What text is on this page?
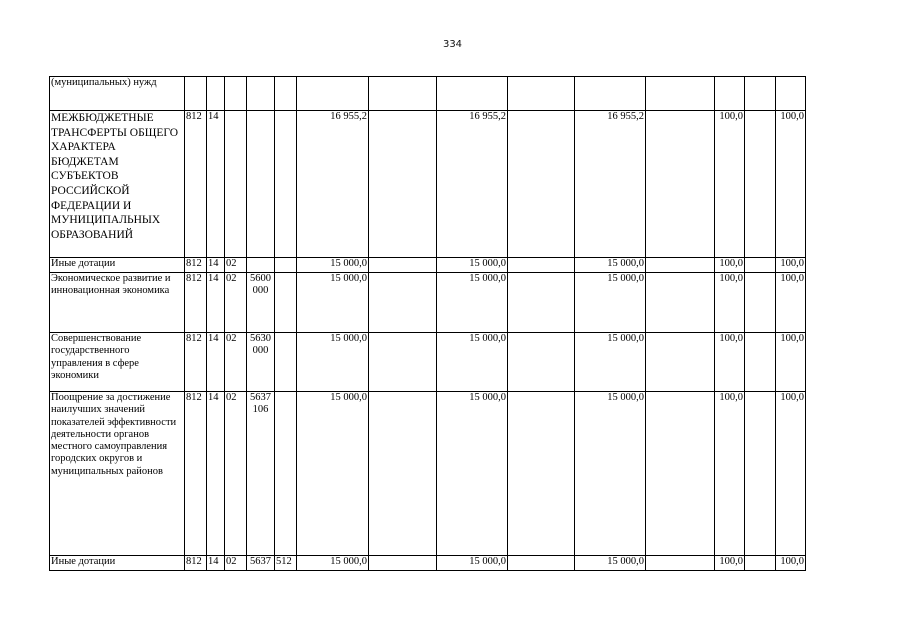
334
(муниципальных) нужд														
МЕЖБЮДЖЕТНЫЕ ТРАНСФЕРТЫ ОБЩЕГО ХАРАКТЕРА БЮДЖЕТАМ СУБЪЕКТОВ РОССИЙСКОЙ ФЕДЕРАЦИИ И МУНИЦИПАЛЬНЫХ ОБРАЗОВАНИЙ	812	14				16 955,2		16 955,2		16 955,2		100,0		100,0
Иные дотации	812	14	02			15 000,0		15 000,0		15 000,0		100,0		100,0
Экономическое развитие и инновационная экономика	812	14	02	5600 000		15 000,0		15 000,0		15 000,0		100,0		100,0
Совершенствование государственного управления в сфере экономики	812	14	02	5630 000		15 000,0		15 000,0		15 000,0		100,0		100,0
Поощрение за достижение наилучших значений показателей эффективности деятельности органов местного самоуправления городских округов и муниципальных районов	812	14	02	5637 106		15 000,0		15 000,0		15 000,0		100,0		100,0
Иные дотации	812	14	02	5637	512	15 000,0		15 000,0		15 000,0		100,0		100,0
